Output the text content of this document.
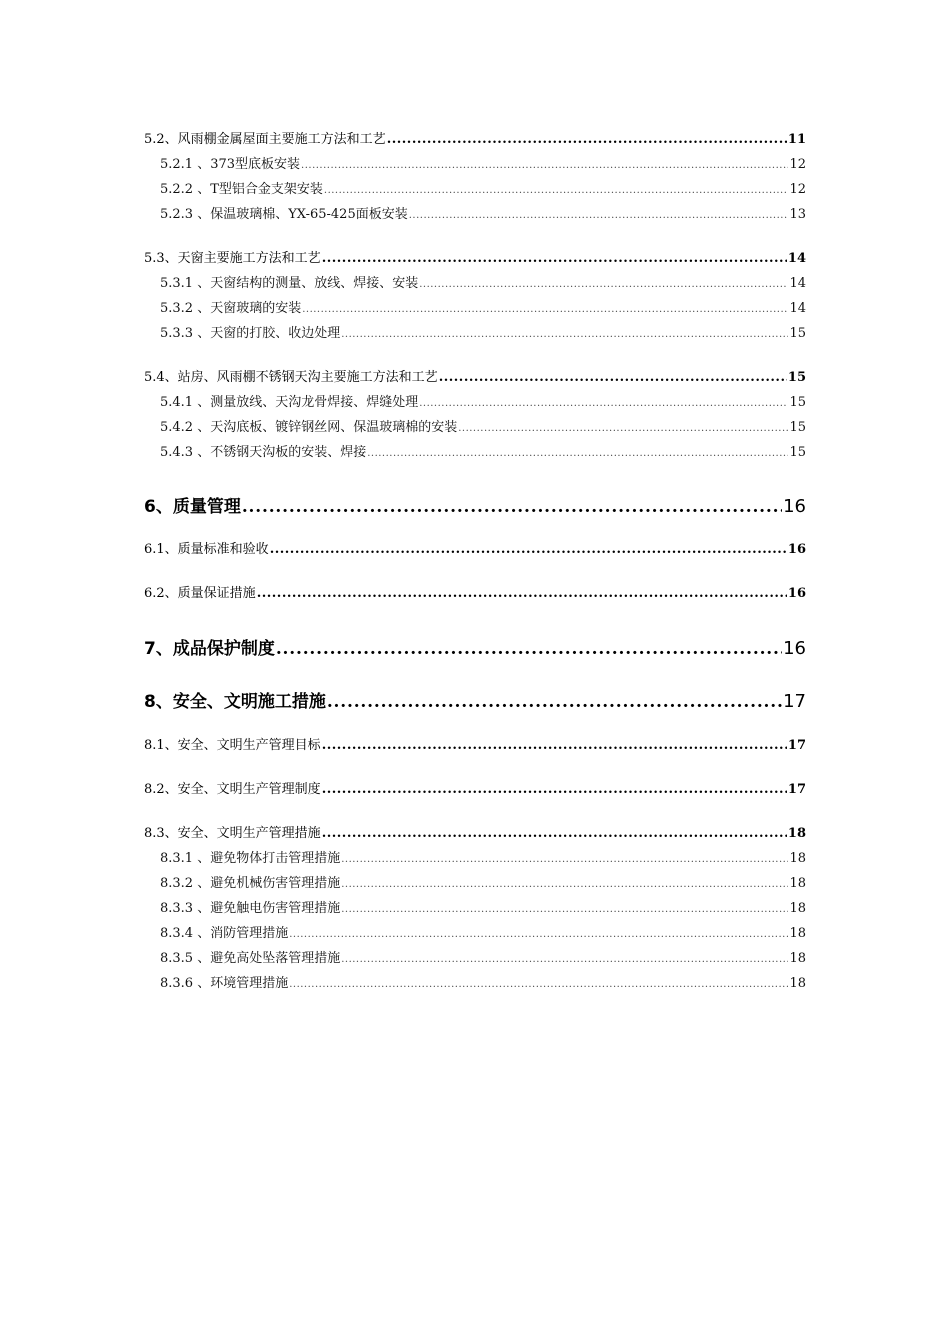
5.2、风雨棚金属屋面主要施工方法和工艺 .....	11
5.2.1 、373型底板安装 .....	12
5.2.2 、T型铝合金支架安装 .....	12
5.2.3 、保温玻璃棉、YX-65-425面板安装 .....	13
5.3、天窗主要施工方法和工艺 .....	14
5.3.1 、天窗结构的测量、放线、焊接、安装 .....	14
5.3.2 、天窗玻璃的安装 .....	14
5.3.3 、天窗的打胶、收边处理 .....	15
5.4、站房、风雨棚不锈钢天沟主要施工方法和工艺 .....	15
5.4.1 、测量放线、天沟龙骨焊接、焊缝处理 .....	15
5.4.2 、天沟底板、镀锌钢丝网、保温玻璃棉的安装 .....	15
5.4.3 、不锈钢天沟板的安装、焊接 .....	15
6、质量管理 .....	16
6.1、质量标准和验收 .....	16
6.2、质量保证措施 .....	16
7、成品保护制度 .....	16
8、安全、文明施工措施 .....	17
8.1、安全、文明生产管理目标 .....	17
8.2、安全、文明生产管理制度 .....	17
8.3、安全、文明生产管理措施 .....	18
8.3.1 、避免物体打击管理措施 .....	18
8.3.2 、避免机械伤害管理措施 .....	18
8.3.3 、避免触电伤害管理措施 .....	18
8.3.4 、消防管理措施 .....	18
8.3.5 、避免高处坠落管理措施 .....	18
8.3.6 、环境管理措施 .....	18
